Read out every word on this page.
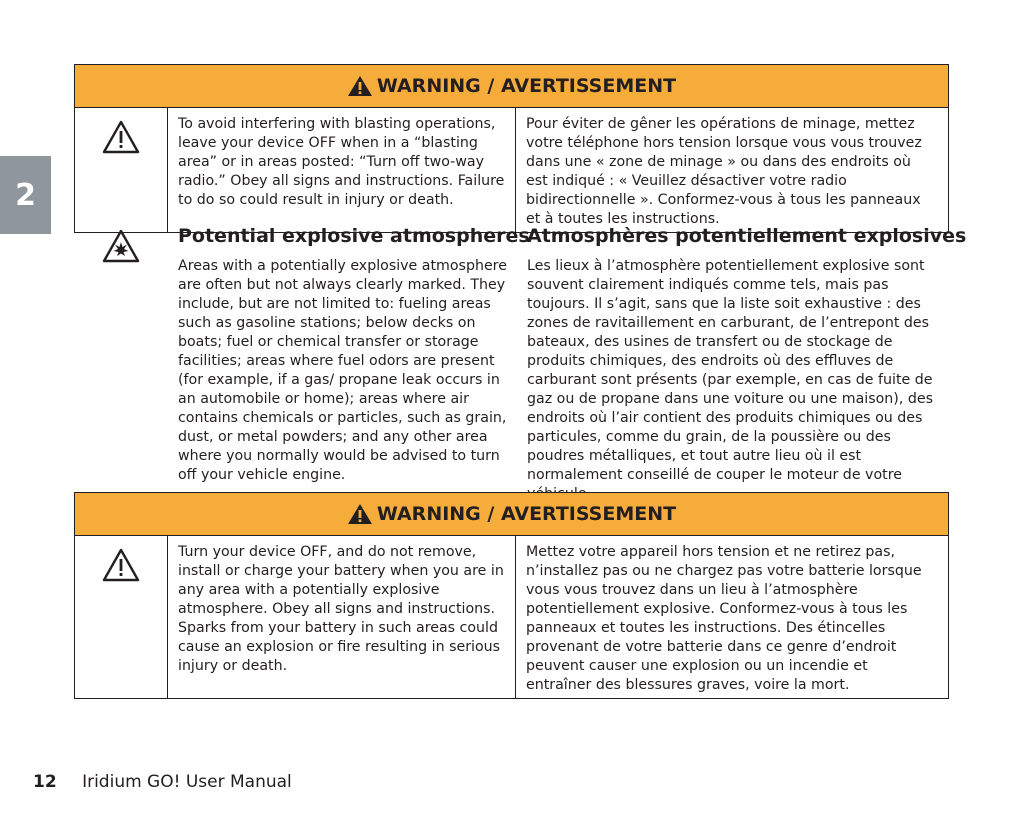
2
WARNING / AVERTISSEMENT
To avoid interfering with blasting operations, leave your device OFF when in a “blasting area” or in areas posted: “Turn off two-way radio.” Obey all signs and instructions. Failure to do so could result in injury or death.
Pour éviter de gêner les opérations de minage, mettez votre téléphone hors tension lorsque vous vous trouvez dans une « zone de minage » ou dans des endroits où est indiqué : « Veuillez désactiver votre radio bidirectionnelle ». Conformez-vous à tous les panneaux et à toutes les instructions.
Potential explosive atmospheres

Areas with a potentially explosive atmosphere are often but not always clearly marked. They include, but are not limited to: fueling areas such as gasoline stations; below decks on boats; fuel or chemical transfer or storage facilities; areas where fuel odors are present (for example, if a gas/ propane leak occurs in an automobile or home); areas where air contains chemicals or particles, such as grain, dust, or metal powders; and any other area where you normally would be advised to turn off your vehicle engine.

Atmosphères potentiellement explosives

Les lieux à l’atmosphère potentiellement explosive sont souvent clairement indiqués comme tels, mais pas toujours. Il s’agit, sans que la liste soit exhaustive : des zones de ravitaillement en carburant, de l’entrepont des bateaux, des usines de transfert ou de stockage de produits chimiques, des endroits où des effluves de carburant sont présents (par exemple, en cas de fuite de gaz ou de propane dans une voiture ou une maison), des endroits où l’air contient des produits chimiques ou des particules, comme du grain, de la poussière ou des poudres métalliques, et tout autre lieu où il est normalement conseillé de couper le moteur de votre

WARNING / AVERTISSEMENT
Turn your device OFF, and do not remove, install or charge your battery when you are in any area with a potentially explosive atmosphere. Obey all signs and instructions. Sparks from your battery in such areas could cause an explosion or fire resulting in serious injury or death.
Mettez votre appareil hors tension et ne retirez pas, n’installez pas ou ne chargez pas votre batterie lorsque vous vous trouvez dans un lieu à l’atmosphère potentiellement explosive. Conformez-vous à tous les panneaux et toutes les instructions. Des étincelles provenant de votre batterie dans ce genre d’endroit peuvent causer une explosion ou un incendie et entraîner des blessures graves, voire la mort.
12 Iridium GO! User Manual
